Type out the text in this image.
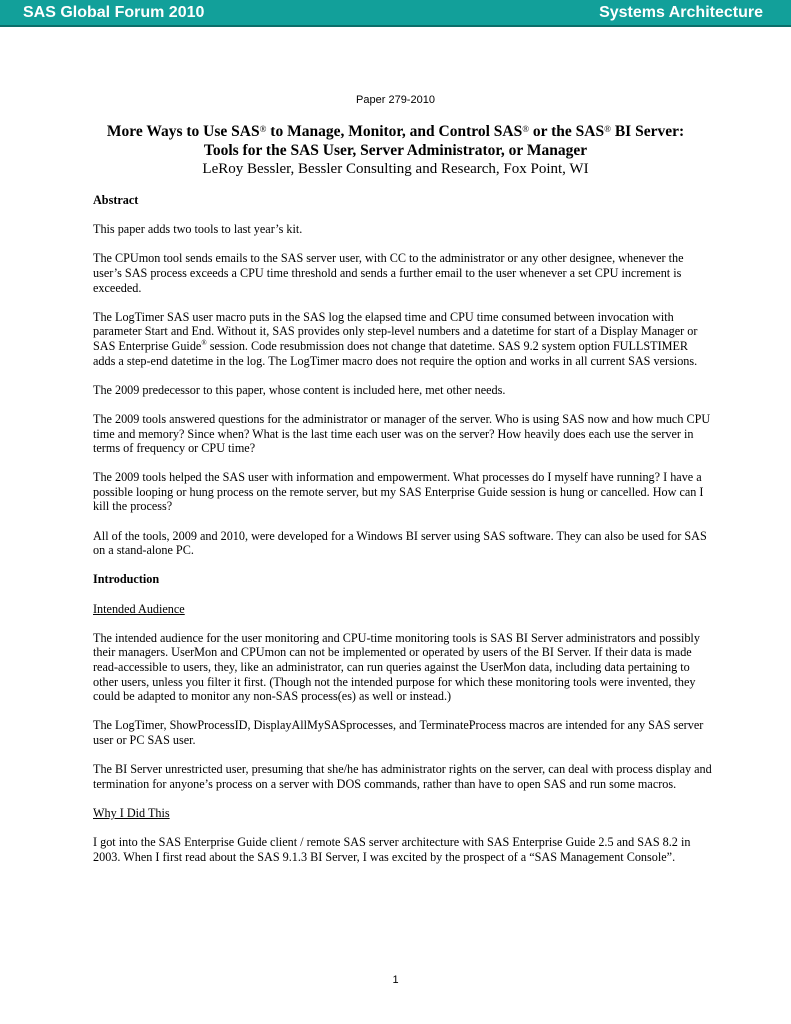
SAS Global Forum 2010	Systems Architecture
Paper 279-2010
More Ways to Use SAS® to Manage, Monitor, and Control SAS® or the SAS® BI Server:
Tools for the SAS User, Server Administrator, or Manager
LeRoy Bessler, Bessler Consulting and Research, Fox Point, WI
Abstract

This paper adds two tools to last year’s kit.

The CPUmon tool sends emails to the SAS server user, with CC to the administrator or any other designee, whenever the user’s SAS process exceeds a CPU time threshold and sends a further email to the user whenever a set CPU increment is exceeded.

The LogTimer SAS user macro puts in the SAS log the elapsed time and CPU time consumed between invocation with parameter Start and End. Without it, SAS provides only step-level numbers and a datetime for start of a Display Manager or SAS Enterprise Guide® session. Code resubmission does not change that datetime. SAS 9.2 system option FULLSTIMER adds a step-end datetime in the log. The LogTimer macro does not require the option and works in all current SAS versions.

The 2009 predecessor to this paper, whose content is included here, met other needs.

The 2009 tools answered questions for the administrator or manager of the server. Who is using SAS now and how much CPU time and memory? Since when? What is the last time each user was on the server? How heavily does each use the server in terms of frequency or CPU time?

The 2009 tools helped the SAS user with information and empowerment. What processes do I myself have running? I have a possible looping or hung process on the remote server, but my SAS Enterprise Guide session is hung or cancelled. How can I kill the process?

All of the tools, 2009 and 2010, were developed for a Windows BI server using SAS software. They can also be used for SAS on a stand-alone PC.

Introduction

Intended Audience

The intended audience for the user monitoring and CPU-time monitoring tools is SAS BI Server administrators and possibly their managers. UserMon and CPUmon can not be implemented or operated by users of the BI Server. If their data is made read-accessible to users, they, like an administrator, can run queries against the UserMon data, including data pertaining to other users, unless you filter it first. (Though not the intended purpose for which these monitoring tools were invented, they could be adapted to monitor any non-SAS process(es) as well or instead.)

The LogTimer, ShowProcessID, DisplayAllMySASprocesses, and TerminateProcess macros are intended for any SAS server user or PC SAS user.

The BI Server unrestricted user, presuming that she/he has administrator rights on the server, can deal with process display and termination for anyone’s process on a server with DOS commands, rather than have to open SAS and run some macros.

Why I Did This

I got into the SAS Enterprise Guide client / remote SAS server architecture with SAS Enterprise Guide 2.5 and SAS 8.2 in 2003. When I first read about the SAS 9.1.3 BI Server, I was excited by the prospect of a “SAS Management Console”.

1
